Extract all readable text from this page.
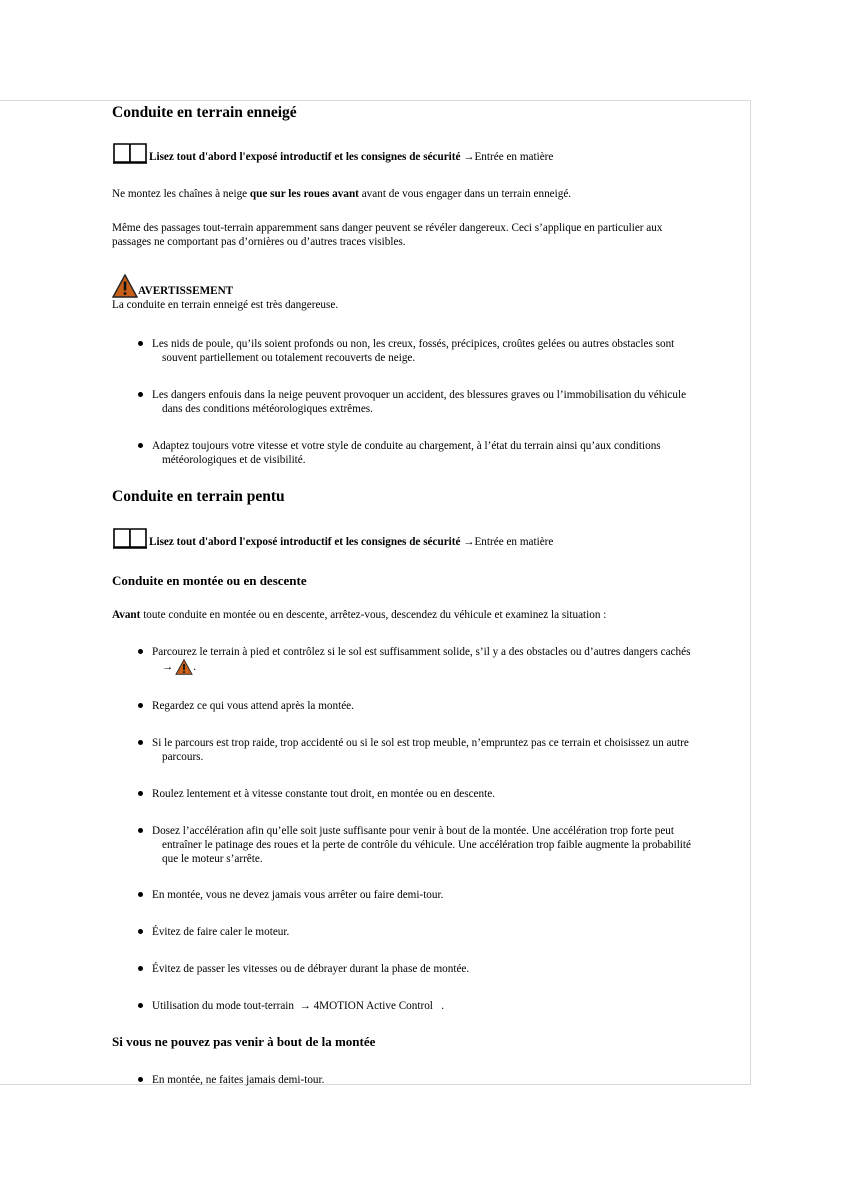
Conduite en terrain enneigé
Lisez tout d'abord l'exposé introductif et les consignes de sécurité →Entrée en matière
Ne montez les chaînes à neige que sur les roues avant avant de vous engager dans un terrain enneigé.
Même des passages tout-terrain apparemment sans danger peuvent se révéler dangereux. Ceci s’applique en particulier aux
passages ne comportant pas d’ornières ou d’autres traces visibles.
AVERTISSEMENT
La conduite en terrain enneigé est très dangereuse.
Les nids de poule, qu’ils soient profonds ou non, les creux, fossés, précipices, croûtes gelées ou autres obstacles sont
souvent partiellement ou totalement recouverts de neige.
Les dangers enfouis dans la neige peuvent provoquer un accident, des blessures graves ou l’immobilisation du véhicule
dans des conditions météorologiques extrêmes.
Adaptez toujours votre vitesse et votre style de conduite au chargement, à l’état du terrain ainsi qu’aux conditions
météorologiques et de visibilité.
Conduite en terrain pentu
Lisez tout d'abord l'exposé introductif et les consignes de sécurité →Entrée en matière
Conduite en montée ou en descente
Avant toute conduite en montée ou en descente, arrêtez-vous, descendez du véhicule et examinez la situation :
Parcourez le terrain à pied et contrôlez si le sol est suffisamment solide, s’il y a des obstacles ou d’autres dangers cachés
→ .
Regardez ce qui vous attend après la montée.
Si le parcours est trop raide, trop accidenté ou si le sol est trop meuble, n’empruntez pas ce terrain et choisissez un autre
parcours.
Roulez lentement et à vitesse constante tout droit, en montée ou en descente.
Dosez l’accélération afin qu’elle soit juste suffisante pour venir à bout de la montée. Une accélération trop forte peut
entraîner le patinage des roues et la perte de contrôle du véhicule. Une accélération trop faible augmente la probabilité
que le moteur s’arrête.
En montée, vous ne devez jamais vous arrêter ou faire demi-tour.
Évitez de faire caler le moteur.
Évitez de passer les vitesses ou de débrayer durant la phase de montée.
Utilisation du mode tout-terrain → 4MOTION Active Control .
Si vous ne pouvez pas venir à bout de la montée
En montée, ne faites jamais demi-tour.
